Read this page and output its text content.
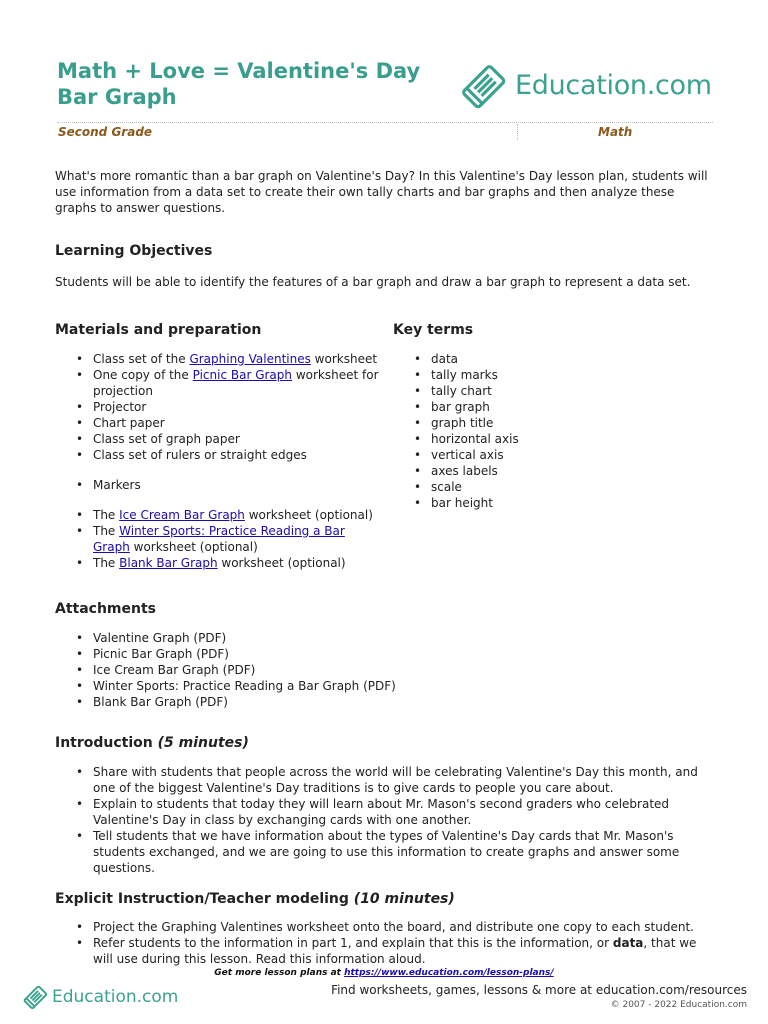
Math + Love = Valentine's Day
Bar Graph	Education.com
Second Grade	Math
What's more romantic than a bar graph on Valentine's Day? In this Valentine's Day lesson plan, students will use information from a data set to create their own tally charts and bar graphs and then analyze these graphs to answer questions.
Learning Objectives
Students will be able to identify the features of a bar graph and draw a bar graph to represent a data set.
Materials and preparation
• Class set of the Graphing Valentines worksheet
• One copy of the Picnic Bar Graph worksheet for projection
• Projector
• Chart paper
• Class set of graph paper
• Class set of rulers or straight edges
• Markers
• The Ice Cream Bar Graph worksheet (optional)
• The Winter Sports: Practice Reading a Bar Graph worksheet (optional)
• The Blank Bar Graph worksheet (optional)
Key terms
• data
• tally marks
• tally chart
• bar graph
• graph title
• horizontal axis
• vertical axis
• axes labels
• scale
• bar height
Attachments
• Valentine Graph (PDF)
• Picnic Bar Graph (PDF)
• Ice Cream Bar Graph (PDF)
• Winter Sports: Practice Reading a Bar Graph (PDF)
• Blank Bar Graph (PDF)
Introduction (5 minutes)
• Share with students that people across the world will be celebrating Valentine's Day this month, and one of the biggest Valentine's Day traditions is to give cards to people you care about.
• Explain to students that today they will learn about Mr. Mason's second graders who celebrated Valentine's Day in class by exchanging cards with one another.
• Tell students that we have information about the types of Valentine's Day cards that Mr. Mason's students exchanged, and we are going to use this information to create graphs and answer some questions.
Explicit Instruction/Teacher modeling (10 minutes)
• Project the Graphing Valentines worksheet onto the board, and distribute one copy to each student.
• Refer students to the information in part 1, and explain that this is the information, or data, that we will use during this lesson. Read this information aloud.
Get more lesson plans at https://www.education.com/lesson-plans/
Education.com	Find worksheets, games, lessons & more at education.com/resources
© 2007 - 2022 Education.com
